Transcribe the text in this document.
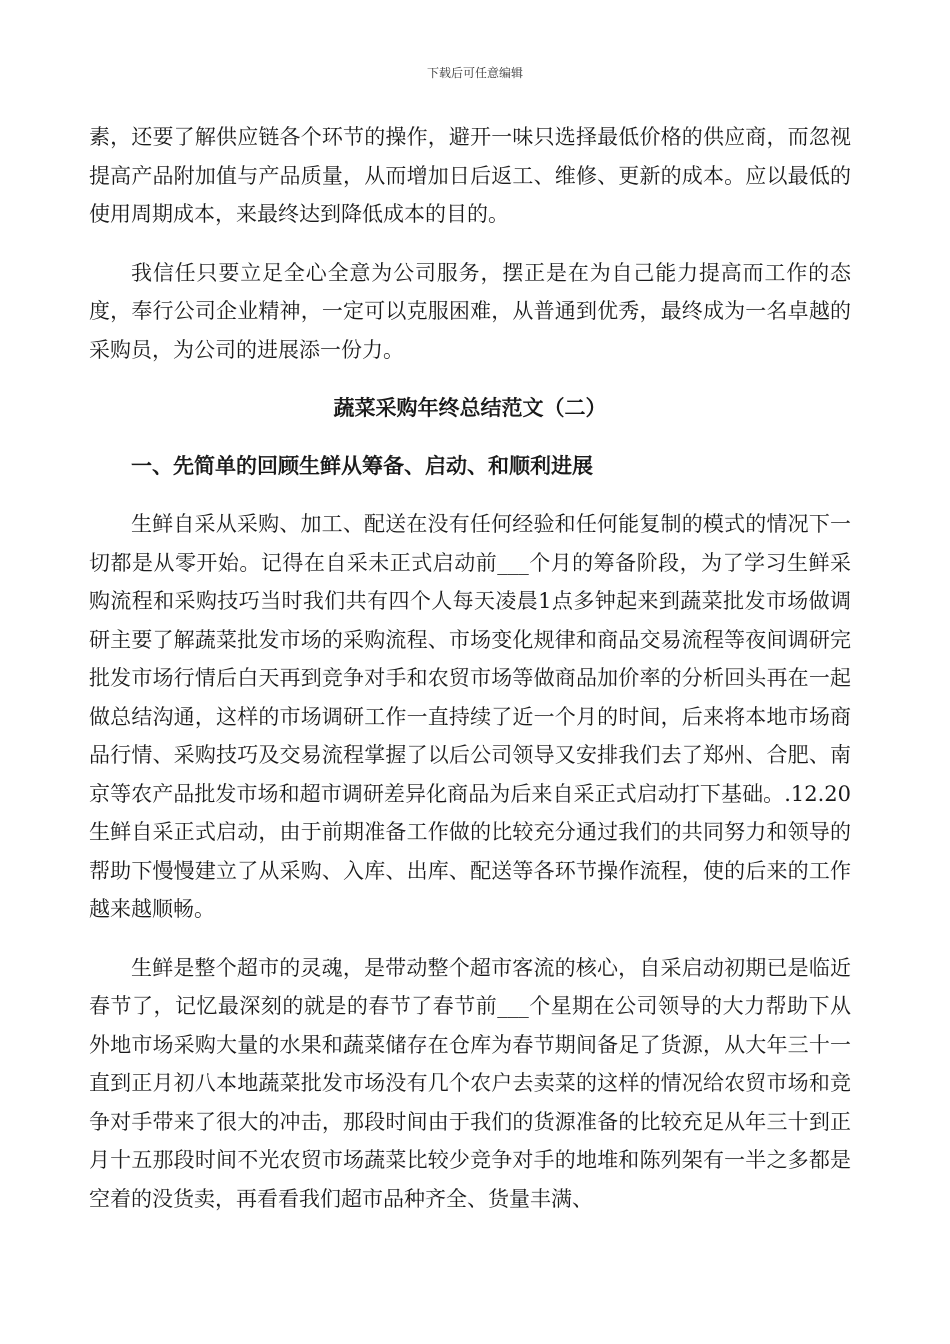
下载后可任意编辑

素，还要了解供应链各个环节的操作，避开一味只选择最低价格的供应商，而忽视提高产品附加值与产品质量，从而增加日后返工、维修、更新的成本。应以最低的使用周期成本，来最终达到降低成本的目的。

我信任只要立足全心全意为公司服务，摆正是在为自己能力提高而工作的态度，奉行公司企业精神，一定可以克服困难，从普通到优秀，最终成为一名卓越的采购员，为公司的进展添一份力。

蔬菜采购年终总结范文（二）
一、先简单的回顾生鲜从筹备、启动、和顺利进展

生鲜自采从采购、加工、配送在没有任何经验和任何能复制的模式的情况下一切都是从零开始。记得在自采未正式启动前___个月的筹备阶段，为了学习生鲜采购流程和采购技巧当时我们共有四个人每天凌晨1点多钟起来到蔬菜批发市场做调研主要了解蔬菜批发市场的采购流程、市场变化规律和商品交易流程等夜间调研完批发市场行情后白天再到竞争对手和农贸市场等做商品加价率的分析回头再在一起做总结沟通，这样的市场调研工作一直持续了近一个月的时间，后来将本地市场商品行情、采购技巧及交易流程掌握了以后公司领导又安排我们去了郑州、合肥、南京等农产品批发市场和超市调研差异化商品为后来自采正式启动打下基础。.12.20生鲜自采正式启动，由于前期准备工作做的比较充分通过我们的共同努力和领导的帮助下慢慢建立了从采购、入库、出库、配送等各环节操作流程，使的后来的工作越来越顺畅。

生鲜是整个超市的灵魂，是带动整个超市客流的核心，自采启动初期已是临近春节了，记忆最深刻的就是的春节了春节前___个星期在公司领导的大力帮助下从外地市场采购大量的水果和蔬菜储存在仓库为春节期间备足了货源，从大年三十一直到正月初八本地蔬菜批发市场没有几个农户去卖菜的这样的情况给农贸市场和竞争对手带来了很大的冲击，那段时间由于我们的货源准备的比较充足从年三十到正月十五那段时间不光农贸市场蔬菜比较少竞争对手的地堆和陈列架有一半之多都是空着的没货卖，再看看我们超市品种齐全、货量丰满、
